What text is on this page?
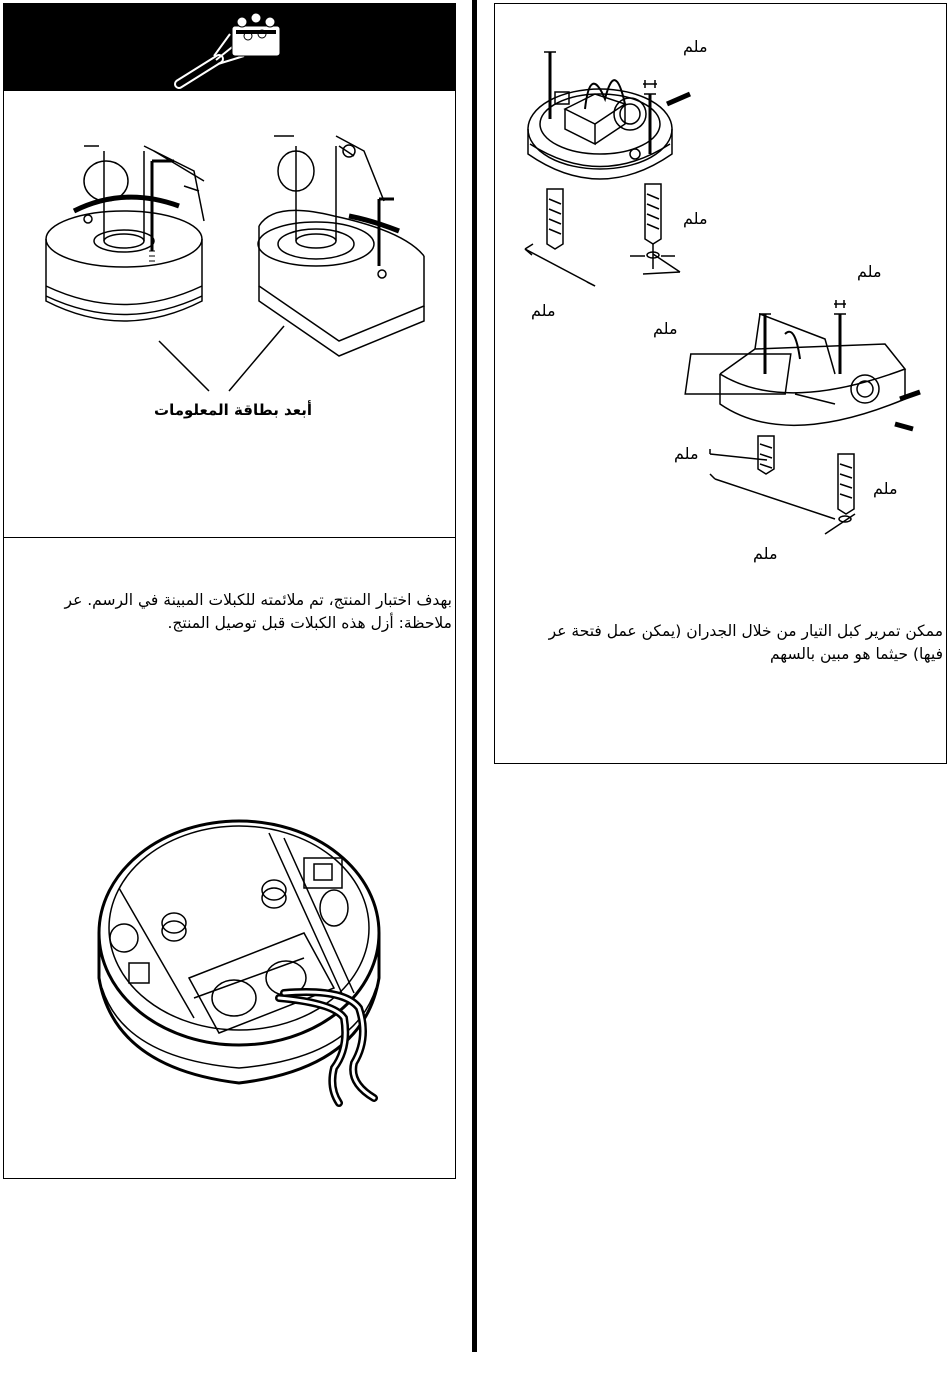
أبعد بطاقة المعلومات
بهدف اختبار المنتج، تم ملائمته للكبلات المبينة في الرسم. عر
ملاحظة: أزل هذه الكبلات قبل توصيل المنتج.
ملم
ملم
ملم
ملم
ملم
ملم
ملم
ملم
ممكن تمرير كبل التيار من خلال الجدران (يمكن عمل فتحة عر
فيها) حيثما هو مبين بالسهم
